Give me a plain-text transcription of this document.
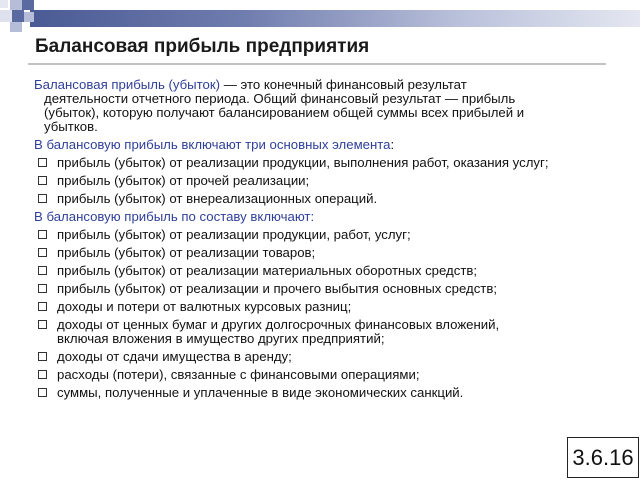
Балансовая прибыль предприятия

Балансовая прибыль (убыток) — это конечный финансовый результат

деятельности отчетного периода. Общий финансовый результат — прибыль
(убыток), которую получают балансированием общей суммы всех прибылей и
убытков.

В балансовую прибыль включают три основных элемента:

прибыль (убыток) от реализации продукции, выполнения работ, оказания услуг;
прибыль (убыток) от прочей реализации;
прибыль (убыток) от внереализационных операций.

В балансовую прибыль по составу включают:

прибыль (убыток) от реализации продукции, работ, услуг;
прибыль (убыток) от реализации товаров;
прибыль (убыток) от реализации материальных оборотных средств;
прибыль (убыток) от реализации и прочего выбытия основных средств;
доходы и потери от валютных курсовых разниц;
доходы от ценных бумаг и других долгосрочных финансовых вложений,
включая вложения в имущество других предприятий;
доходы от сдачи имущества в аренду;
расходы (потери), связанные с финансовыми операциями;
суммы, полученные и уплаченные в виде экономических санкций.
3.6.16
